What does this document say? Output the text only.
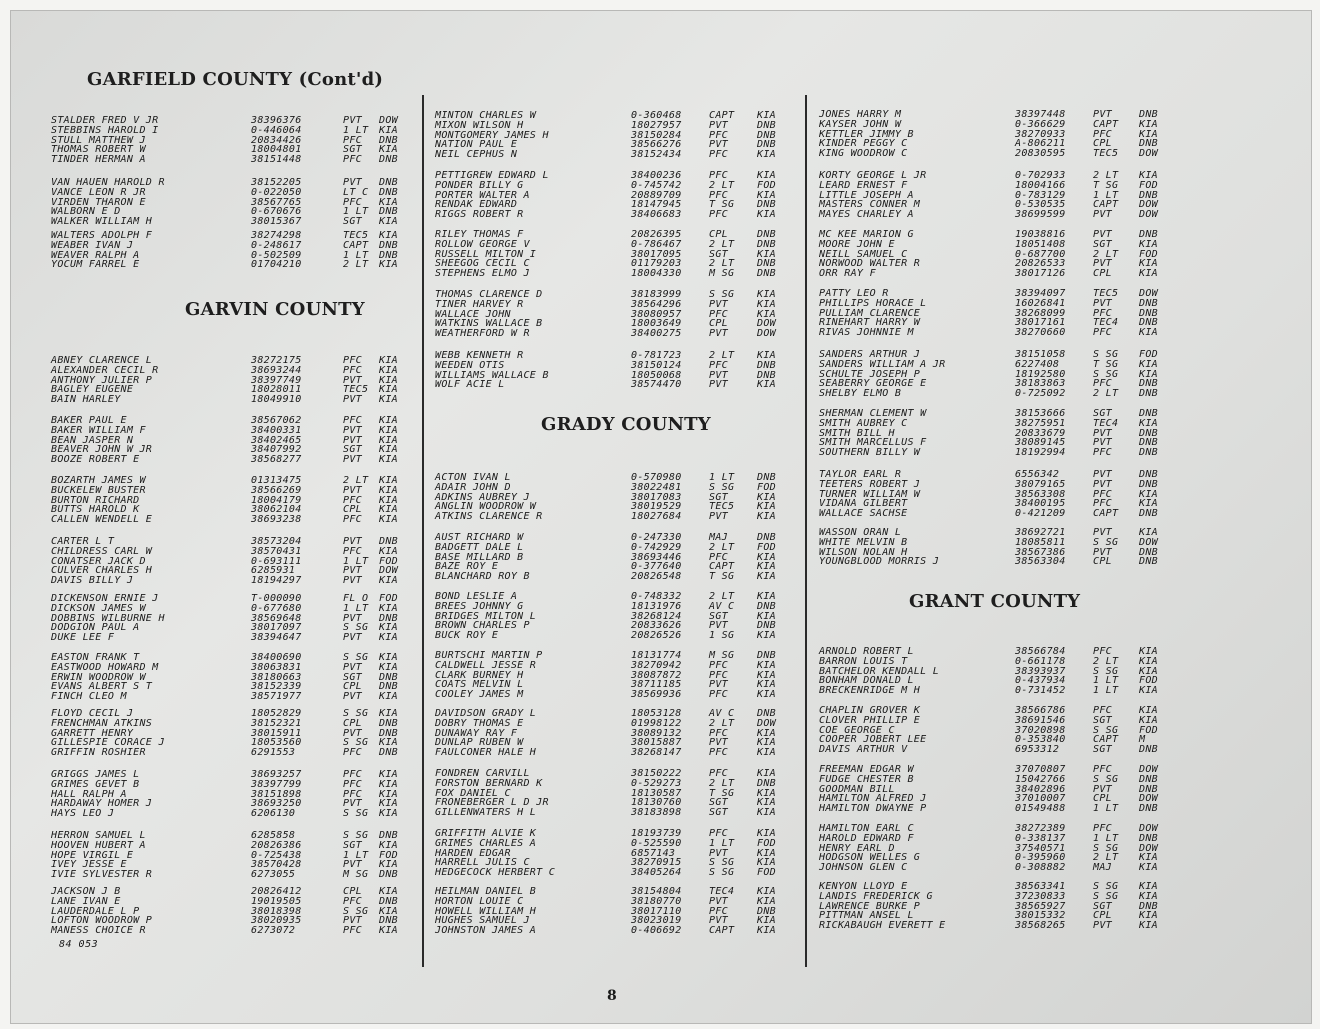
GARFIELD COUNTY (Cont'd)
STALDER FRED V JR	38396376	PVT DOW
STEBBINS HAROLD I	0-446064	1 LT KIA
STULL MATTHEW J	20834426	PFC DNB
THOMAS ROBERT W	18004801	SGT KIA
TINDER HERMAN A	38151448	PFC DNB
VAN HAUEN HAROLD R	38152205	PVT DNB
VANCE LEON R JR	0-022050	LT C DNB
VIRDEN THARON E	38567765	PFC KIA
WALBORN E D	0-670676	1 LT DNB
WALKER WILLIAM H	38015367	SGT KIA
WALTERS ADOLPH F	38274298	TEC5 KIA
WEABER IVAN J	0-248617	CAPT DNB
WEAVER RALPH A	0-502509	1 LT DNB
YOCUM FARREL E	01704210	2 LT KIA
GARVIN COUNTY
ABNEY CLARENCE L	38272175	PFC KIA
ALEXANDER CECIL R	38693244	PFC KIA
ANTHONY JULIER P	38397749	PVT KIA
BAGLEY EUGENE	18028011	TEC5 KIA
BAIN HARLEY	18049910	PVT KIA
BAKER PAUL E	38567062	PFC KIA
BAKER WILLIAM F	38400331	PVT KIA
BEAN JASPER N	38402465	PVT KIA
BEAVER JOHN W JR	38407992	SGT KIA
BOOZE ROBERT E	38568277	PVT KIA
BOZARTH JAMES W	01313475	2 LT KIA
BUCKELEW BUSTER	38566269	PVT KIA
BURTON RICHARD	18004179	PFC KIA
BUTTS HAROLD K	38062104	CPL KIA
CALLEN WENDELL E	38693238	PFC KIA
CARTER L T	38573204	PVT DNB
CHILDRESS CARL W	38570431	PFC KIA
CONATSER JACK D	0-693111	1 LT FOD
CULVER CHARLES H	6285931	PVT DOW
DAVIS BILLY J	18194297	PVT KIA
DICKENSON ERNIE J	T-000090	FL O FOD
DICKSON JAMES W	0-677680	1 LT KIA
DOBBINS WILBURNE H	38569648	PVT DNB
DODGION PAUL A	38017097	S SG KIA
DUKE LEE F	38394647	PVT KIA
EASTON FRANK T	38400690	S SG KIA
EASTWOOD HOWARD M	38063831	PVT KIA
ERWIN WOODROW W	38180663	SGT DNB
EVANS ALBERT S T	38152339	CPL DNB
FINCH CLEO M	38571977	PVT KIA
FLOYD CECIL J	18052829	S SG KIA
FRENCHMAN ATKINS	38152321	CPL DNB
GARRETT HENRY	38015911	PVT DNB
GILLESPIE CORACE J	18053560	S SG KIA
GRIFFIN ROSHIER	6291553	PFC DNB
GRIGGS JAMES L	38693257	PFC KIA
GRIMES GEVET B	38397799	PFC KIA
HALL RALPH A	38151898	PFC KIA
HARDAWAY HOMER J	38693250	PVT KIA
HAYS LEO J	6206130	S SG KIA
HERRON SAMUEL L	6285858	S SG DNB
HOOVEN HUBERT A	20826386	SGT KIA
HOPE VIRGIL E	0-725438	1 LT FOD
IVEY JESSE E	38570428	PVT KIA
IVIE SYLVESTER R	6273055	M SG DNB
JACKSON J B	20826412	CPL KIA
LANE IVAN E	19019505	PFC DNB
LAUDERDALE L P	38018398	S SG KIA
LOFTON WOODROW P	38020935	PVT DNB
MANESS CHOICE R	6273072	PFC KIA
MINTON CHARLES W	0-360468	CAPT KIA
MIXON WILSON H	18027957	PVT	DNB
MONTGOMERY JAMES H	38150284	PFC	DNB
NATION PAUL E	38566276	PVT	DNB
NEIL CEPHUS N	38152434	PFC	KIA
PETTIGREW EDWARD L	38400236	PFC	KIA
PONDER BILLY G	0-745742	2 LT FOD
PORTER WALTER A	20889709	PFC	KIA
RENDAK EDWARD	18147945	T SG DNB
RIGGS ROBERT R	38406683	PFC	KIA
RILEY THOMAS F	20826395	CPL	DNB
ROLLOW GEORGE V	0-786467	2 LT DNB
RUSSELL MILTON I	38017095	SGT	KIA
SHEEGOG CECIL C	01179203	2 LT DNB
STEPHENS ELMO J	18004330	M SG DNB
THOMAS CLARENCE D	38183999	S SG KIA
TINER HARVEY R	38564296	PVT	KIA
WALLACE JOHN	38080957	PFC	KIA
WATKINS WALLACE B	18003649	CPL	DOW
WEATHERFORD W R	38400275	PVT	DOW
WEBB KENNETH R	0-781723	2 LT KIA
WEEDEN OTIS	38150124	PFC	DNB
WILLIAMS WALLACE B	18050068	PVT	DNB
WOLF ACIE L	38574470	PVT	KIA
GRADY COUNTY
ACTON IVAN L	0-570980	1 LT DNB
ADAIR JOHN D	38022481	S SG FOD
ADKINS AUBREY J	38017083	SGT	KIA
ANGLIN WOODROW W	38019529	TEC5 KIA
ATKINS CLARENCE R	18027684	PVT	KIA
AUST RICHARD W	0-247330	MAJ	DNB
BADGETT DALE L	0-742929	2 LT FOD
BASE MILLARD B	38693446	PFC	KIA
BAZE ROY E	0-377640	CAPT KIA
BLANCHARD ROY B	20826548	T SG KIA
BOND LESLIE A	0-748332	2 LT KIA
BREES JOHNNY G	18131976	AV C DNB
BRIDGES MILTON L	38268124	SGT	KIA
BROWN CHARLES P	20833626	PVT	DNB
BUCK ROY E	20826526	1 SG KIA
BURTSCHI MARTIN P	18131774	M SG DNB
CALDWELL JESSE R	38270942	PFC	KIA
CLARK BURNEY H	38087872	PFC	KIA
COATS MELVIN L	38711185	PVT	KIA
COOLEY JAMES M	38569936	PFC	KIA
DAVIDSON GRADY L	18053128	AV C DNB
DOBRY THOMAS E	01998122	2 LT DOW
DUNAWAY RAY F	38089132	PFC	KIA
DUNLAP RUBEN W	38015887	PVT	KIA
FAULCONER HALE H	38268147	PFC	KIA
FONDREN CARVILL	38150222	PFC	KIA
FORSTON BERNARD K	0-529273	2 LT DNB
FOX DANIEL C	18130587	T SG KIA
FRONEBERGER L D JR	18130760	SGT	KIA
GILLENWATERS H L	38183898	SGT	KIA
GRIFFITH ALVIE K	18193739	PFC	KIA
GRIMES CHARLES A	0-525590	1 LT FOD
HARDEN EDGAR	6857143	PVT	KIA
HARRELL JULIS C	38270915	S SG KIA
HEDGECOCK HERBERT C	38405264	S SG FOD
HEILMAN DANIEL B	38154804	TEC4 KIA
HORTON LOUIE C	38180770	PVT	KIA
HOWELL WILLIAM H	38017110	PFC	DNB
HUGHES SAMUEL J	38023019	PVT	KIA
JOHNSTON JAMES A	0-406692	CAPT KIA
JONES HARRY M	38397448	PVT	DNB
KAYSER JOHN W	0-366629	CAPT KIA
KETTLER JIMMY B	38270933	PFC	KIA
KINDER PEGGY C	A-806211	CPL	DNB
KING WOODROW C	20830595	TEC5 DOW
KORTY GEORGE L JR	0-702933	2 LT KIA
LEARD ERNEST F	18004166	T SG FOD
LITTLE JOSEPH A	0-783129	1 LT DNB
MASTERS CONNER M	0-530535	CAPT DOW
MAYES CHARLEY A	38699599	PVT	DOW
MC KEE MARION G	19038816	PVT	DNB
MOORE JOHN E	18051408	SGT	KIA
NEILL SAMUEL C	0-687700	2 LT FOD
NORWOOD WALTER R	20826533	PVT	KIA
ORR RAY F	38017126	CPL	KIA
PATTY LEO R	38394097	TEC5 DOW
PHILLIPS HORACE L	16026841	PVT	DNB
PULLIAM CLARENCE	38268099	PFC	DNB
RINEHART HARRY W	38017161	TEC4 DNB
RIVAS JOHNNIE M	38270660	PFC	KIA
SANDERS ARTHUR J	38151058	S SG FOD
SANDERS WILLIAM A JR	6227408	T SG KIA
SCHULTE JOSEPH P	18192580	S SG KIA
SEABERRY GEORGE E	38183863	PFC	DNB
SHELBY ELMO B	0-725092	2 LT DNB
SHERMAN CLEMENT W	38153666	SGT	DNB
SMITH AUBREY C	38275951	TEC4 KIA
SMITH BILL H	20833679	PVT	DNB
SMITH MARCELLUS F	38089145	PVT	DNB
SOUTHERN BILLY W	18192994	PFC	DNB
TAYLOR EARL R	6556342	PVT	DNB
TEETERS ROBERT J	38079165	PVT	DNB
TURNER WILLIAM W	38563308	PFC	KIA
VIDANA GILBERT	38400195	PFC	KIA
WALLACE SACHSE	0-421209	CAPT DNB
WASSON ORAN L	38692721	PVT	KIA
WHITE MELVIN B	18085811	S SG DOW
WILSON NOLAN H	38567386	PVT	DNB
YOUNGBLOOD MORRIS J	38563304	CPL	DNB
GRANT COUNTY
ARNOLD ROBERT L	38566784	PFC	KIA
BARRON LOUIS T	0-661178	2 LT KIA
BATCHELOR KENDALL L	38393937	S SG KIA
BONHAM DONALD L	0-437934	1 LT FOD
BRECKENRIDGE M H	0-731452	1 LT KIA
CHAPLIN GROVER K	38566786	PFC	KIA
CLOVER PHILLIP E	38691546	SGT	KIA
COE GEORGE C	37020898	S SG FOD
COOPER JOBERT LEE	0-353840	CAPT M
DAVIS ARTHUR V	6953312	SGT	DNB
FREEMAN EDGAR W	37070807	PFC	DOW
FUDGE CHESTER B	15042766	S SG DNB
GOODMAN BILL	38402896	PVT	DNB
HAMILTON ALFRED J	37010007	CPL	DOW
HAMILTON DWAYNE P	01549488	1 LT DNB
HAMILTON EARL C	38272389	PFC	DOW
HAROLD EDWARD F	0-338137	1 LT DNB
HENRY EARL D	37540571	S SG DOW
HODGSON WELLES G	0-395960	2 LT KIA
JOHNSON GLEN C	0-308882	MAJ	KIA
KENYON LLOYD E	38563341	S SG KIA
LANDIS FREDERICK G	37230833	S SG KIA
LAWRENCE BURKE P	38565927	SGT	DNB
PITTMAN ANSEL L	38015332	CPL	KIA
RICKABAUGH EVERETT E	38568265	PVT	KIA
84 053
8
